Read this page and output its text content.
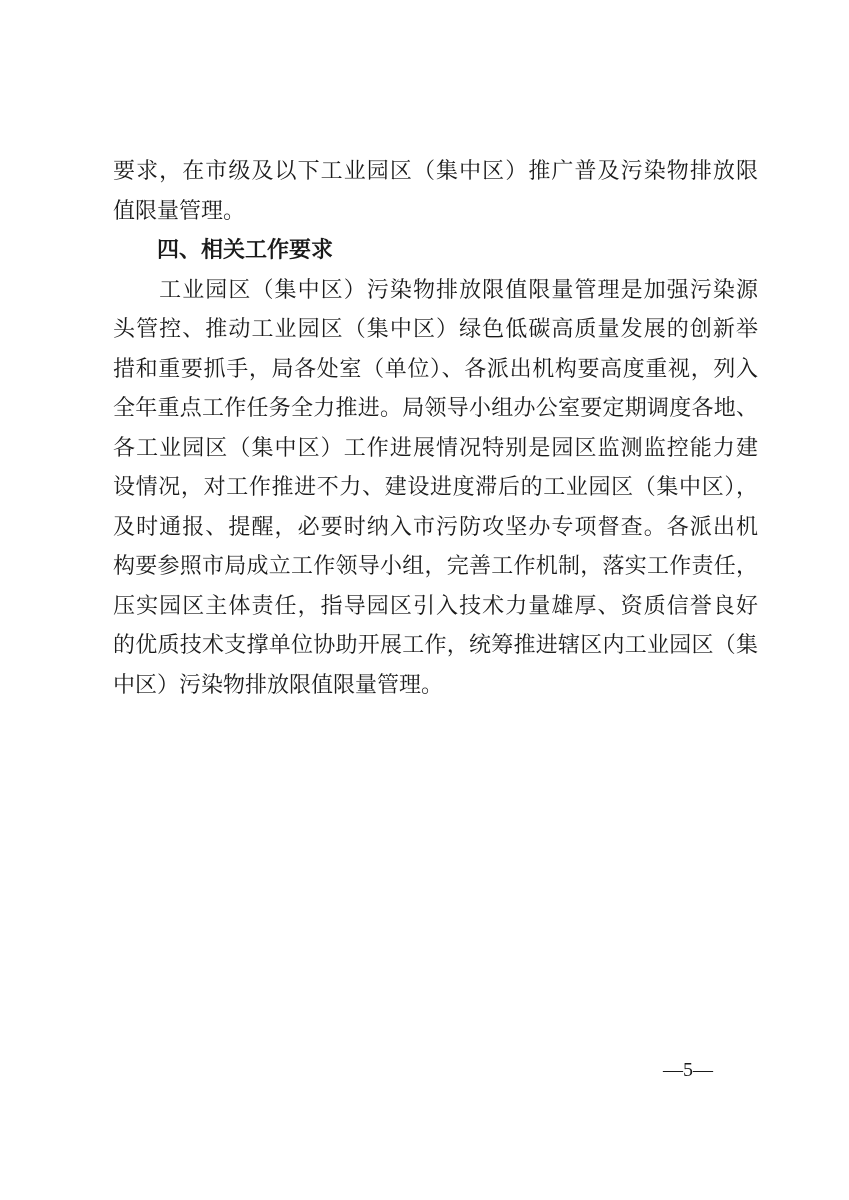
要求，在市级及以下工业园区（集中区）推广普及污染物排放限
值限量管理。
四、相关工作要求
　　工业园区（集中区）污染物排放限值限量管理是加强污染源
头管控、推动工业园区（集中区）绿色低碳高质量发展的创新举
措和重要抓手，局各处室（单位）、各派出机构要高度重视，列入
全年重点工作任务全力推进。局领导小组办公室要定期调度各地、
各工业园区（集中区）工作进展情况特别是园区监测监控能力建
设情况，对工作推进不力、建设进度滞后的工业园区（集中区），
及时通报、提醒，必要时纳入市污防攻坚办专项督查。各派出机
构要参照市局成立工作领导小组，完善工作机制，落实工作责任，
压实园区主体责任，指导园区引入技术力量雄厚、资质信誉良好
的优质技术支撑单位协助开展工作，统筹推进辖区内工业园区（集
中区）污染物排放限值限量管理。
—5—
